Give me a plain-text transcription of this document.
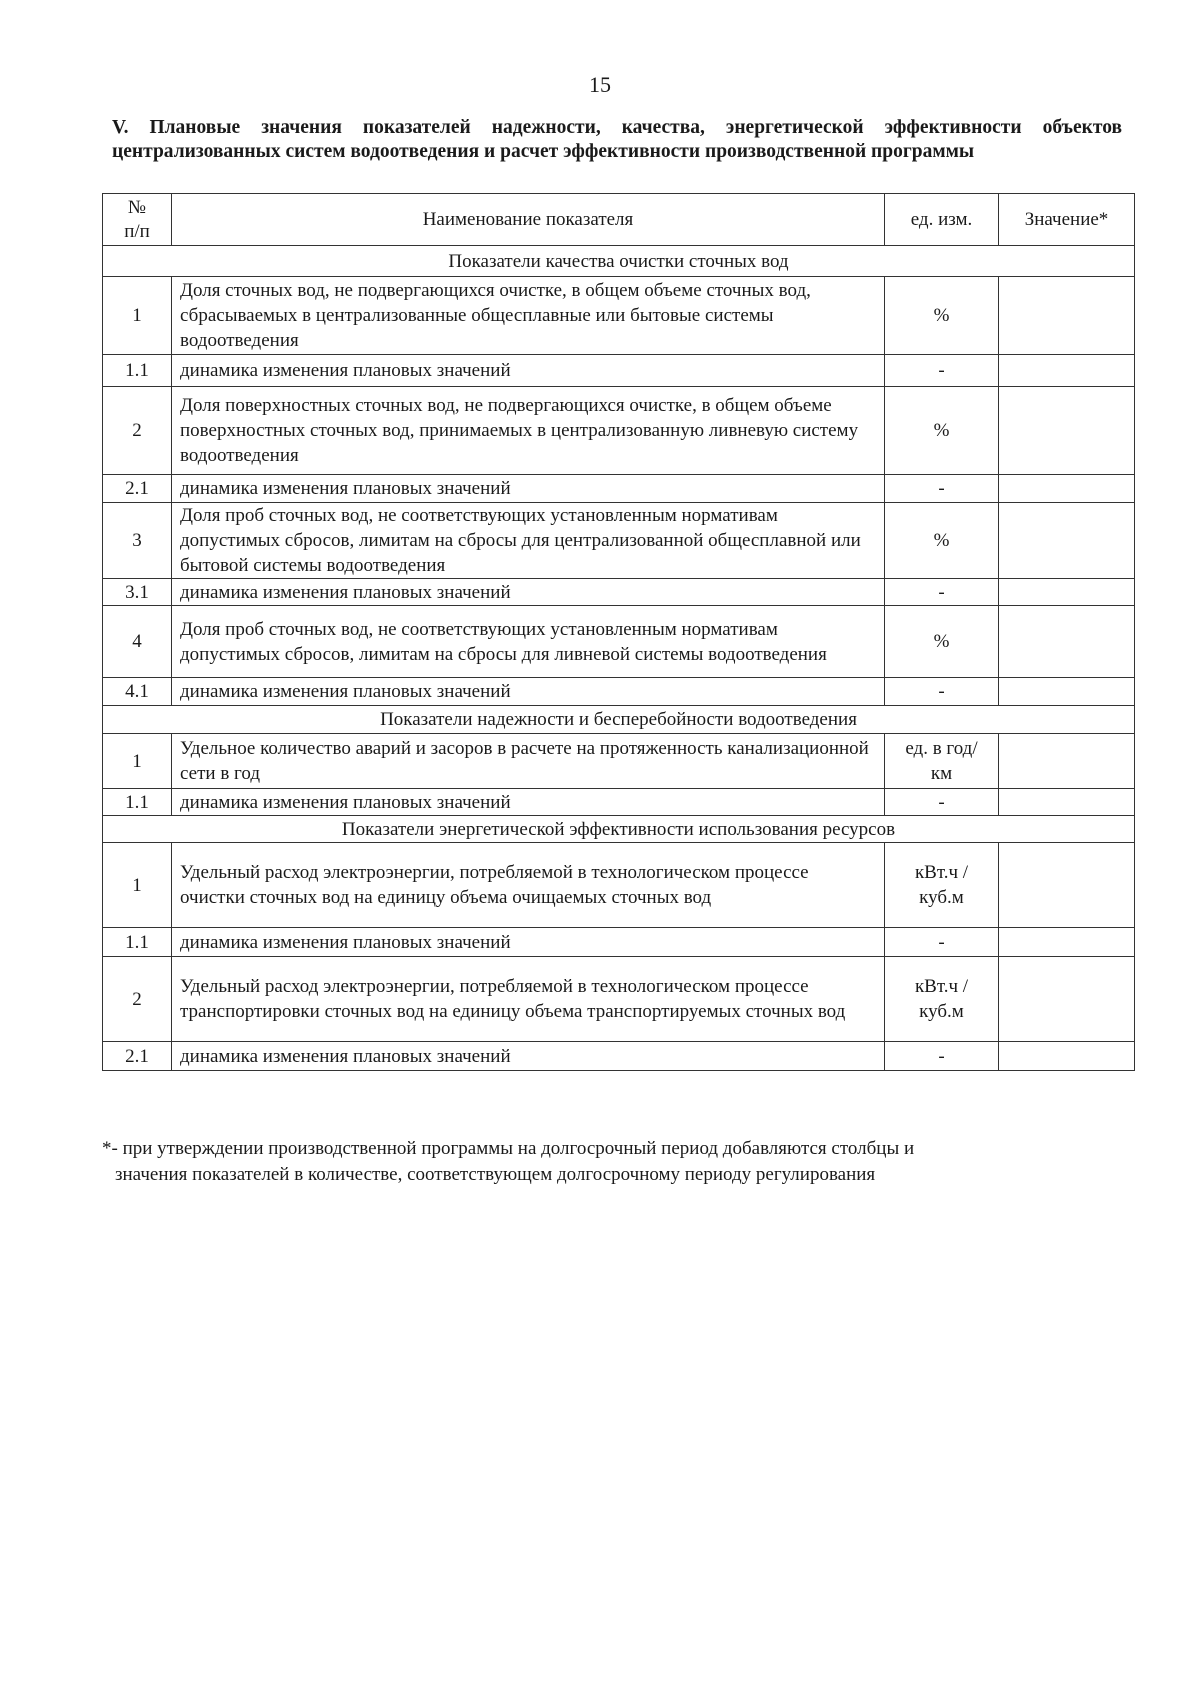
15
V. Плановые значения показателей надежности, качества, энергетической эффективности объектов централизованных систем водоотведения и расчет эффективности производственной программы
№
п/п	Наименование показателя	ед. изм.	Значение*
Показатели качества очистки сточных вод			
1	Доля сточных вод, не подвергающихся очистке, в общем объеме сточных вод, сбрасываемых в централизованные общесплавные или бытовые системы водоотведения	%	
1.1	динамика изменения плановых значений	-	
2	Доля поверхностных сточных вод, не подвергающихся очистке, в общем объеме поверхностных сточных вод, принимаемых в централизованную ливневую систему водоотведения	%	
2.1	динамика изменения плановых значений	-	
3	Доля проб сточных вод, не соответствующих установленным нормативам допустимых сбросов, лимитам на сбросы для централизованной общесплавной или бытовой системы водоотведения	%	
3.1	динамика изменения плановых значений	-	
4	Доля проб сточных вод, не соответствующих установленным нормативам допустимых сбросов, лимитам на сбросы для ливневой системы водоотведения	%	
4.1	динамика изменения плановых значений	-	
Показатели надежности и бесперебойности водоотведения			
1	Удельное количество аварий и засоров в расчете на протяженность канализационной сети в год	ед. в год/ км	
1.1	динамика изменения плановых значений	-	
Показатели энергетической эффективности использования ресурсов			
1	Удельный расход электроэнергии, потребляемой в технологическом процессе очистки сточных вод на единицу объема очищаемых сточных вод	кВт.ч / куб.м	
1.1	динамика изменения плановых значений	-	
2	Удельный расход электроэнергии, потребляемой в технологическом процессе транспортировки сточных вод на единицу объема транспортируемых сточных вод	кВт.ч / куб.м	
2.1	динамика изменения плановых значений	-	
*- при утверждении производственной программы на долгосрочный период добавляются столбцы и
значения показателей в количестве, соответствующем долгосрочному периоду регулирования
